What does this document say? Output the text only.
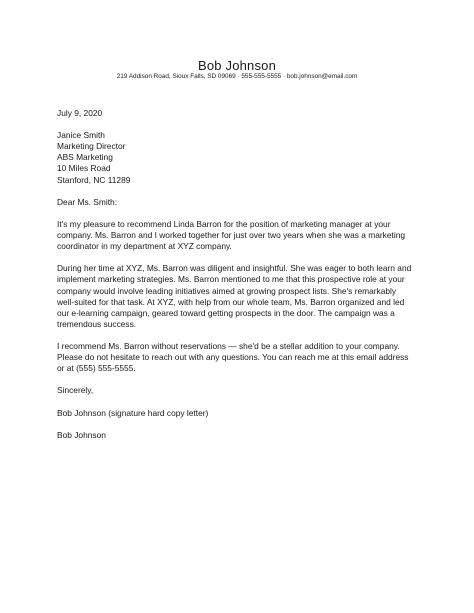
Bob Johnson
219 Addison Road, Sioux Falls, SD 09069 · 555-555-5555 · bob.johnson@email.com

July 9, 2020

Janice Smith

Marketing Director

ABS Marketing

10 Miles Road

Stanford, NC 11289

Dear Ms. Smith:

It's my pleasure to recommend Linda Barron for the position of marketing manager at your
company. Ms. Barron and I worked together for just over two years when she was a marketing
coordinator in my department at XYZ company.

During her time at XYZ, Ms. Barron was diligent and insightful. She was eager to both learn and
implement marketing strategies. Ms. Barron mentioned to me that this prospective role at your
company would involve leading initiatives aimed at growing prospect lists. She's remarkably
well-suited for that task. At XYZ, with help from our whole team, Ms. Barron organized and led
our e-learning campaign, geared toward getting prospects in the door. The campaign was a
tremendous success.

I recommend Ms. Barron without reservations — she'd be a stellar addition to your company.
Please do not hesitate to reach out with any questions. You can reach me at this email address
or at (555) 555-5555.

Sincerely,

Bob Johnson (signature hard copy letter)

Bob Johnson
